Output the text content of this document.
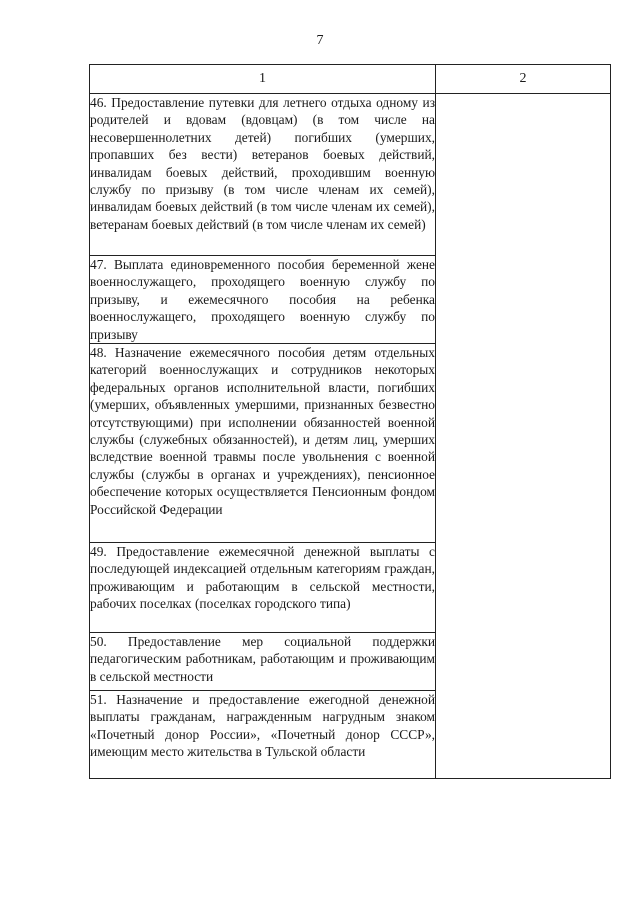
7
1	2

46. Предоставление путевки для летнего отдыха одному из родителей и вдовам (вдовцам) (в том числе на несовершеннолетних детей) погибших (умерших, пропавших без вести) ветеранов боевых действий, инвалидам боевых действий, проходившим военную службу по призыву (в том числе членам их семей), инвалидам боевых действий (в том числе членам их семей), ветеранам боевых действий (в том числе членам их семей)	

47. Выплата единовременного пособия беременной жене военнослужащего, проходящего военную службу по призыву, и ежемесячного пособия на ребенка военнослужащего, проходящего военную службу по призыву	

48. Назначение ежемесячного пособия детям отдельных категорий военнослужащих и сотрудников некоторых федеральных органов исполнительной власти, погибших (умерших, объявленных умершими, признанных безвестно отсутствующими) при исполнении обязанностей военной службы (служебных обязанностей), и детям лиц, умерших вследствие военной травмы после увольнения с военной службы (службы в органах и учреждениях), пенсионное обеспечение которых осуществляется Пенсионным фондом Российской Федерации	

49. Предоставление ежемесячной денежной выплаты с последующей индексацией отдельным категориям граждан, проживающим и работающим в сельской местности, рабочих поселках (поселках городского типа)	

50. Предоставление мер социальной поддержки педагогическим работникам, работающим и проживающим в сельской местности	

51. Назначение и предоставление ежегодной денежной выплаты гражданам, награжденным нагрудным знаком «Почетный донор России», «Почетный донор СССР», имеющим место жительства в Тульской области	
